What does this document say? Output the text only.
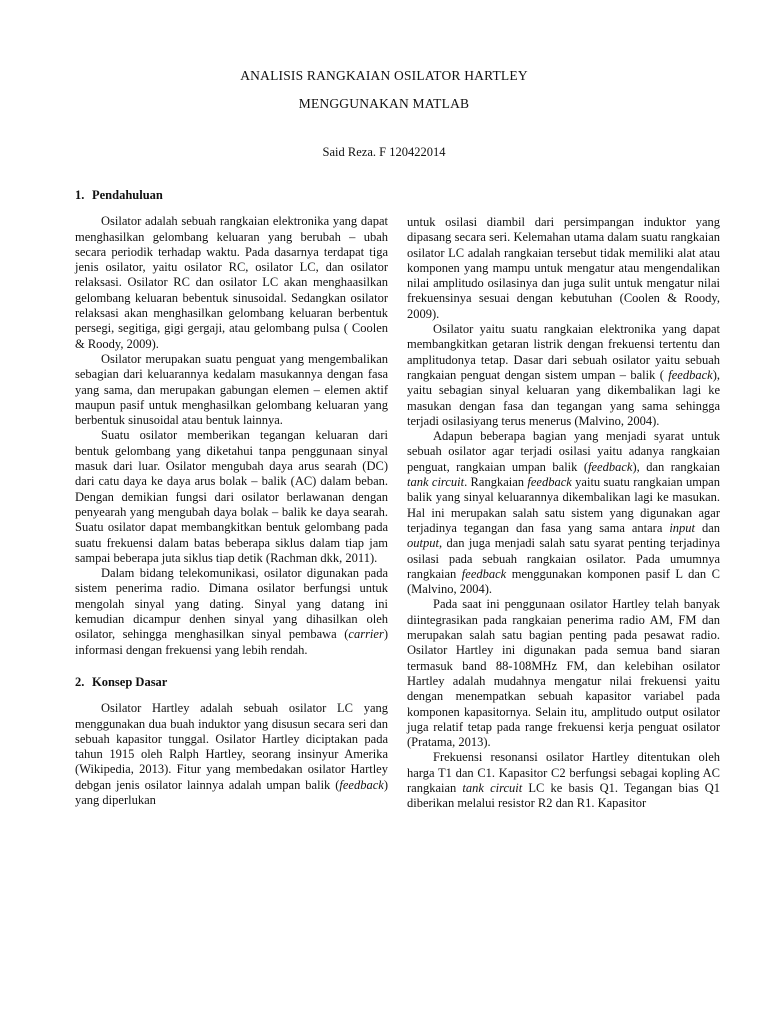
ANALISIS RANGKAIAN OSILATOR HARTLEY
MENGGUNAKAN MATLAB
Said Reza. F 120422014
1. Pendahuluan

Osilator adalah sebuah rangkaian elektronika yang dapat menghasilkan gelombang keluaran yang berubah – ubah secara periodik terhadap waktu. Pada dasarnya terdapat tiga jenis osilator, yaitu osilator RC, osilator LC, dan osilator relaksasi. Osilator RC dan osilator LC akan menghaasilkan gelombang keluaran bebentuk sinusoidal. Sedangkan osilator relaksasi akan menghasilkan gelombang keluaran berbentuk persegi, segitiga, gigi gergaji, atau gelombang pulsa ( Coolen & Roody, 2009).

Osilator merupakan suatu penguat yang mengembalikan sebagian dari keluarannya kedalam masukannya dengan fasa yang sama, dan merupakan gabungan elemen – elemen aktif maupun pasif untuk menghasilkan gelombang keluaran yang berbentuk sinusoidal atau bentuk lainnya.

Suatu osilator memberikan tegangan keluaran dari bentuk gelombang yang diketahui tanpa penggunaan sinyal masuk dari luar. Osilator mengubah daya arus searah (DC) dari catu daya ke daya arus bolak – balik (AC) dalam beban. Dengan demikian fungsi dari osilator berlawanan dengan penyearah yang mengubah daya bolak – balik ke daya searah. Suatu osilator dapat membangkitkan bentuk gelombang pada suatu frekuensi dalam batas beberapa siklus dalam tiap jam sampai beberapa juta siklus tiap detik (Rachman dkk, 2011).

Dalam bidang telekomunikasi, osilator digunakan pada sistem penerima radio. Dimana osilator berfungsi untuk mengolah sinyal yang dating. Sinyal yang datang ini kemudian dicampur denhen sinyal yang dihasilkan oleh osilator, sehingga menghasilkan sinyal pembawa (carrier) informasi dengan frekuensi yang lebih rendah.

2. Konsep Dasar

Osilator Hartley adalah sebuah osilator LC yang menggunakan dua buah induktor yang disusun secara seri dan sebuah kapasitor tunggal. Osilator Hartley diciptakan pada tahun 1915 oleh Ralph Hartley, seorang insinyur Amerika (Wikipedia, 2013). Fitur yang membedakan osilator Hartley debgan jenis osilator lainnya adalah umpan balik (feedback) yang diperlukan

untuk osilasi diambil dari persimpangan induktor yang dipasang secara seri. Kelemahan utama dalam suatu rangkaian osilator LC adalah rangkaian tersebut tidak memiliki alat atau komponen yang mampu untuk mengatur atau mengendalikan nilai amplitudo osilasinya dan juga sulit untuk mengatur nilai frekuensinya sesuai dengan kebutuhan (Coolen & Roody, 2009).

Osilator yaitu suatu rangkaian elektronika yang dapat membangkitkan getaran listrik dengan frekuensi tertentu dan amplitudonya tetap. Dasar dari sebuah osilator yaitu sebuah rangkaian penguat dengan sistem umpan – balik ( feedback), yaitu sebagian sinyal keluaran yang dikembalikan lagi ke masukan dengan fasa dan tegangan yang sama sehingga terjadi osilasiyang terus menerus (Malvino, 2004).

Adapun beberapa bagian yang menjadi syarat untuk sebuah osilator agar terjadi osilasi yaitu adanya rangkaian penguat, rangkaian umpan balik (feedback), dan rangkaian tank circuit. Rangkaian feedback yaitu suatu rangkaian umpan balik yang sinyal keluarannya dikembalikan lagi ke masukan. Hal ini merupakan salah satu sistem yang digunakan agar terjadinya tegangan dan fasa yang sama antara input dan output, dan juga menjadi salah satu syarat penting terjadinya osilasi pada sebuah rangkaian osilator. Pada umumnya rangkaian feedback menggunakan komponen pasif L dan C (Malvino, 2004).

Pada saat ini penggunaan osilator Hartley telah banyak diintegrasikan pada rangkaian penerima radio AM, FM dan merupakan salah satu bagian penting pada pesawat radio. Osilator Hartley ini digunakan pada semua band siaran termasuk band 88-108MHz FM, dan kelebihan osilator Hartley adalah mudahnya mengatur nilai frekuensi yaitu dengan menempatkan sebuah kapasitor variabel pada komponen kapasitornya. Selain itu, amplitudo output osilator juga relatif tetap pada range frekuensi kerja penguat osilator (Pratama, 2013).

Frekuensi resonansi osilator Hartley ditentukan oleh harga T1 dan C1. Kapasitor C2 berfungsi sebagai kopling AC rangkaian tank circuit LC ke basis Q1. Tegangan bias Q1 diberikan melalui resistor R2 dan R1. Kapasitor
